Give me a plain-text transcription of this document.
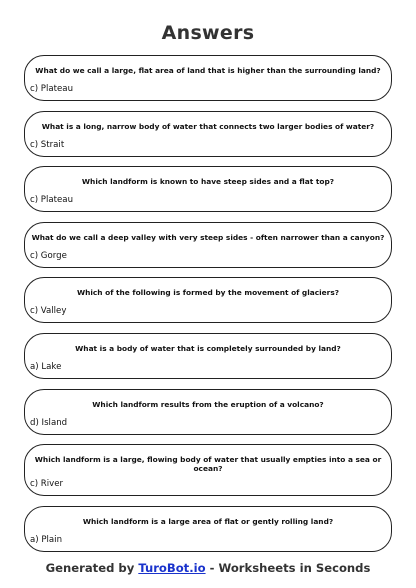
Answers
What do we call a large, flat area of land that is higher than the surrounding land?
c) Plateau
What is a long, narrow body of water that connects two larger bodies of water?
c) Strait
Which landform is known to have steep sides and a flat top?
c) Plateau
What do we call a deep valley with very steep sides - often narrower than a canyon?
c) Gorge
Which of the following is formed by the movement of glaciers?
c) Valley
What is a body of water that is completely surrounded by land?
a) Lake
Which landform results from the eruption of a volcano?
d) Island
Which landform is a large, flowing body of water that usually empties into a sea or ocean?
c) River
Which landform is a large area of flat or gently rolling land?
a) Plain
Generated by TuroBot.io - Worksheets in Seconds
